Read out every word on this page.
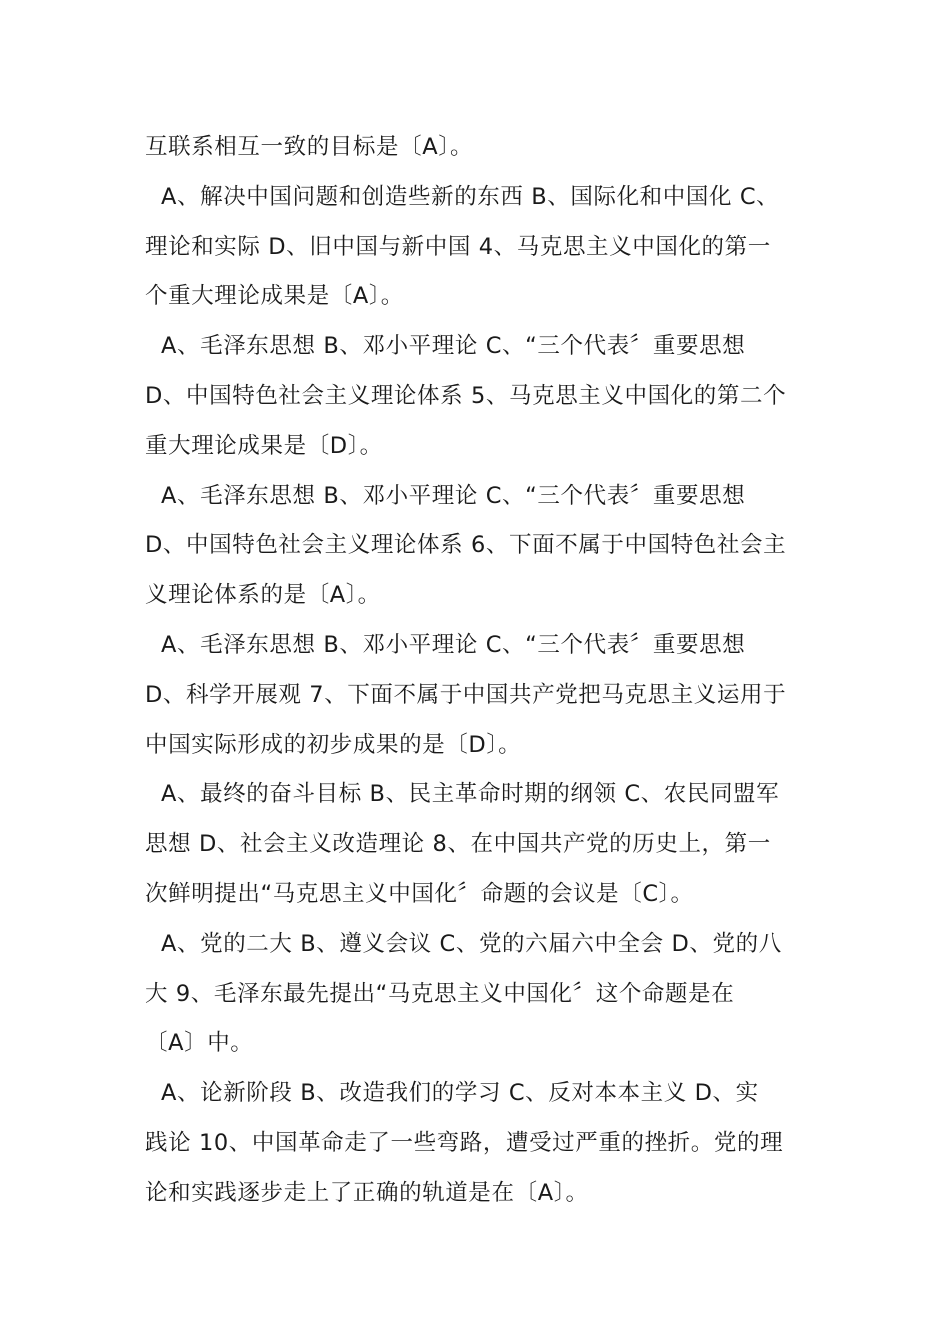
互联系相互一致的目标是〔A〕。
A、解决中国问题和创造些新的东西 B、国际化和中国化 C、
理论和实际 D、旧中国与新中国 4、马克思主义中国化的第一
个重大理论成果是〔A〕。
A、毛泽东思想 B、邓小平理论 C、“三个代表〞重要思想
D、中国特色社会主义理论体系 5、马克思主义中国化的第二个
重大理论成果是〔D〕。
A、毛泽东思想 B、邓小平理论 C、“三个代表〞重要思想
D、中国特色社会主义理论体系 6、下面不属于中国特色社会主
义理论体系的是〔A〕。
A、毛泽东思想 B、邓小平理论 C、“三个代表〞重要思想
D、科学开展观 7、下面不属于中国共产党把马克思主义运用于
中国实际形成的初步成果的是〔D〕。
A、最终的奋斗目标 B、民主革命时期的纲领 C、农民同盟军
思想 D、社会主义改造理论 8、在中国共产党的历史上，第一
次鲜明提出“马克思主义中国化〞命题的会议是〔C〕。
A、党的二大 B、遵义会议 C、党的六届六中全会 D、党的八
大 9、毛泽东最先提出“马克思主义中国化〞这个命题是在
〔A〕中。
A、论新阶段 B、改造我们的学习 C、反对本本主义 D、实
践论 10、中国革命走了一些弯路，遭受过严重的挫折。党的理
论和实践逐步走上了正确的轨道是在〔A〕。
